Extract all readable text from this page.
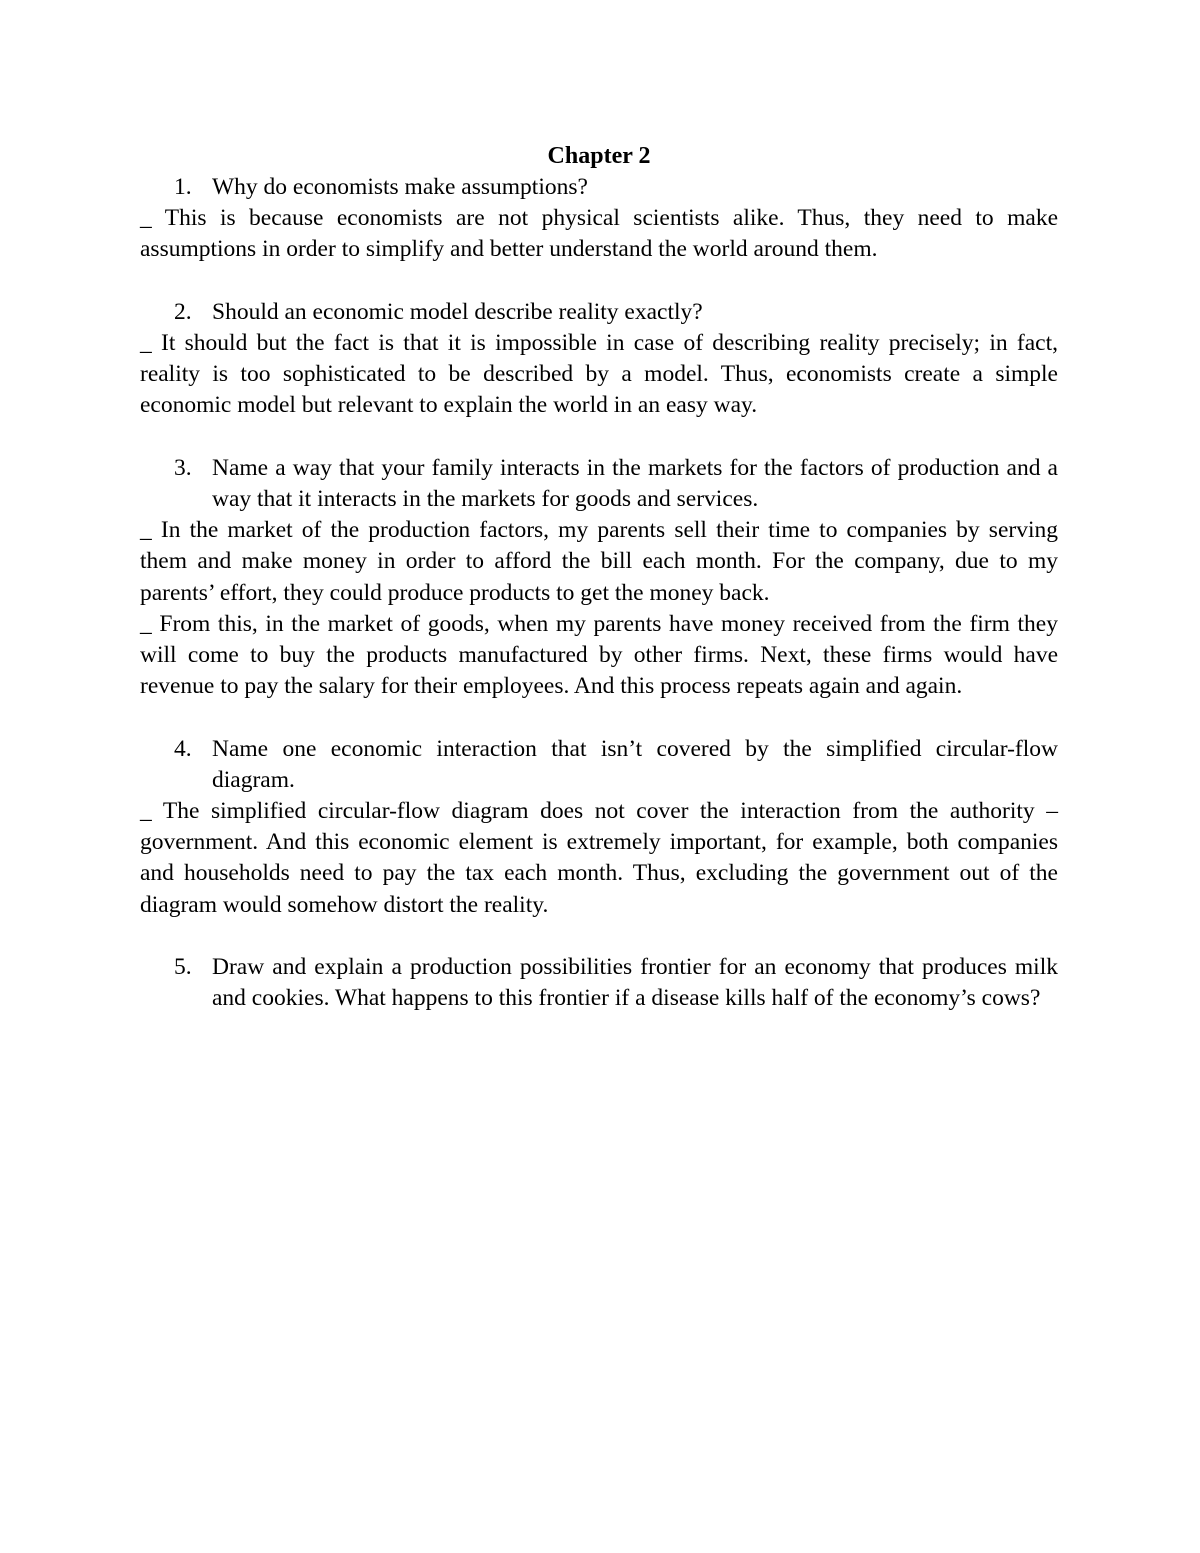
Chapter 2

1. Why do economists make assumptions?

_ This is because economists are not physical scientists alike. Thus, they need to make assumptions in order to simplify and better understand the world around them.

2. Should an economic model describe reality exactly?

_ It should but the fact is that it is impossible in case of describing reality precisely; in fact, reality is too sophisticated to be described by a model. Thus, economists create a simple economic model but relevant to explain the world in an easy way.

3. Name a way that your family interacts in the markets for the factors of production and a way that it interacts in the markets for goods and services.

_ In the market of the production factors, my parents sell their time to companies by serving them and make money in order to afford the bill each month. For the company, due to my parents’ effort, they could produce products to get the money back.

_ From this, in the market of goods, when my parents have money received from the firm they will come to buy the products manufactured by other firms. Next, these firms would have revenue to pay the salary for their employees. And this process repeats again and again.

4. Name one economic interaction that isn’t covered by the simplified circular-flow diagram.

_ The simplified circular-flow diagram does not cover the interaction from the authority – government. And this economic element is extremely important, for example, both companies and households need to pay the tax each month. Thus, excluding the government out of the diagram would somehow distort the reality.

5. Draw and explain a production possibilities frontier for an economy that produces milk and cookies. What happens to this frontier if a disease kills half of the economy’s cows?
